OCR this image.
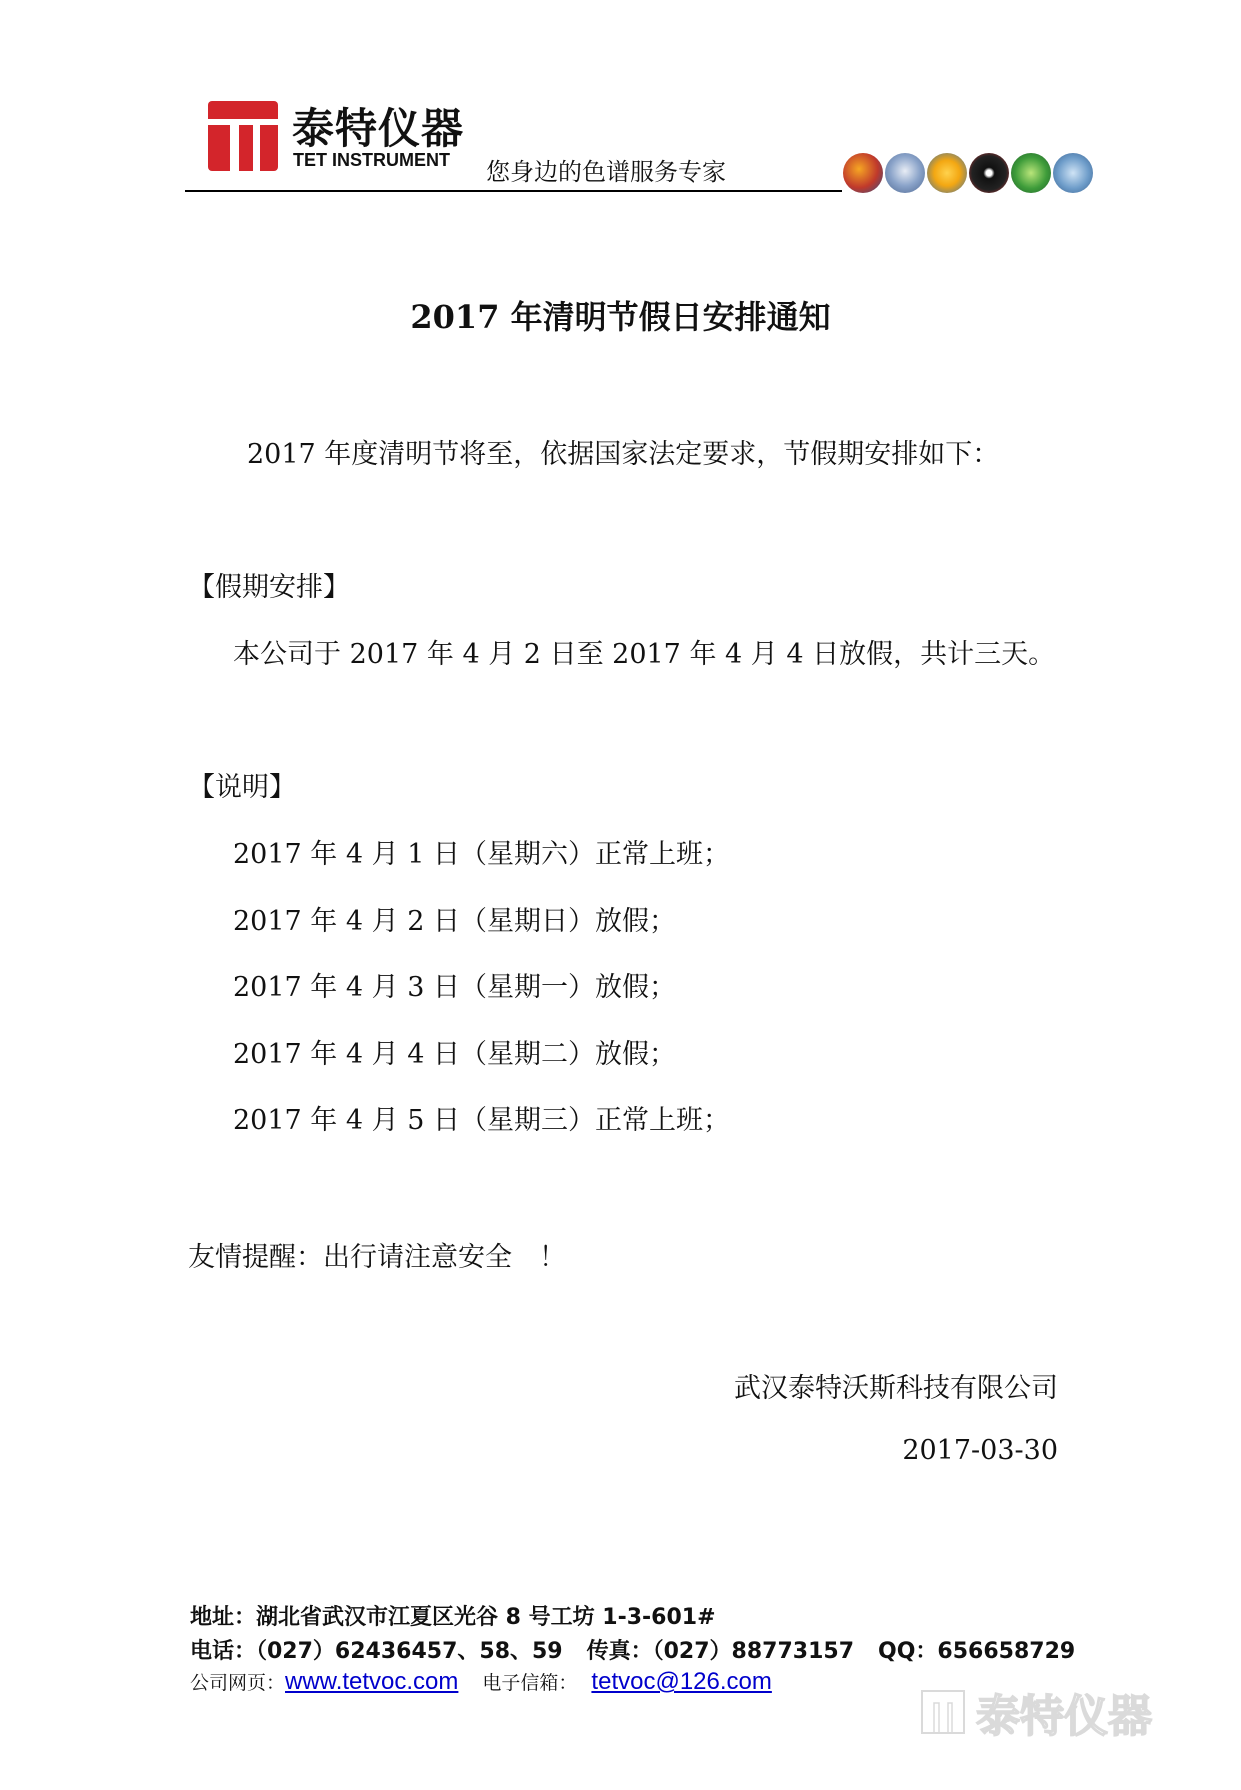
泰特仪器
TET INSTRUMENT 您身边的色谱服务专家
2017 年清明节假日安排通知
2017 年度清明节将至，依据国家法定要求，节假期安排如下：
【假期安排】
本公司于 2017 年 4 月 2 日至 2017 年 4 月 4 日放假，共计三天。
【说明】
2017 年 4 月 1 日（星期六）正常上班；
2017 年 4 月 2 日（星期日）放假；
2017 年 4 月 3 日（星期一）放假；
2017 年 4 月 4 日（星期二）放假；
2017 年 4 月 5 日（星期三）正常上班；
友情提醒：出行请注意安全　！
武汉泰特沃斯科技有限公司
2017-03-30
地址：湖北省武汉市江夏区光谷 8 号工坊 1-3-601#
电话：（027）62436457、58、59 传真：（027）88773157 QQ：656658729
公司网页：www.tetvoc.com 电子信箱： tetvoc@126.com
泰特仪器
